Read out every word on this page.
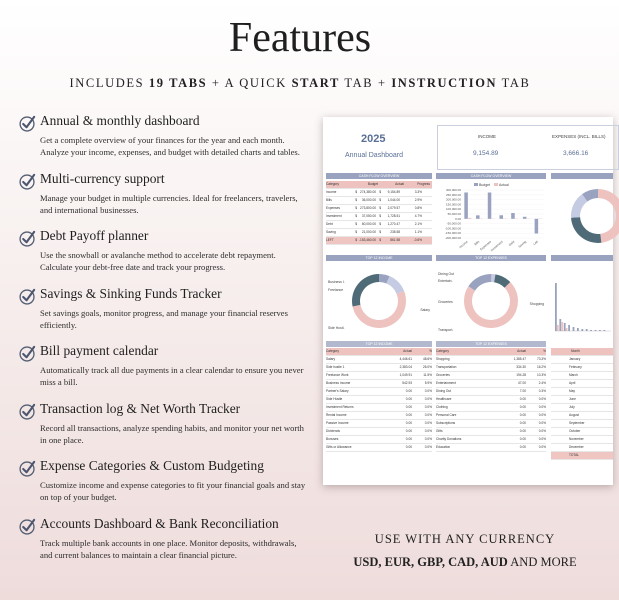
Features
INCLUDES 19 TABS + A QUICK START TAB + INSTRUCTION TAB
Annual & monthly dashboard
Get a complete overview of your finances for the year and each month. Analyze your income, expenses, and budget with detailed charts and tables.
Multi-currency support
Manage your budget in multiple currencies. Ideal for freelancers, travelers, and international businesses.
Debt Payoff planner
Use the snowball or avalanche method to accelerate debt repayment. Calculate your debt-free date and track your progress.
Savings & Sinking Funds Tracker
Set savings goals, monitor progress, and manage your financial reserves efficiently.
Bill payment calendar
Automatically track all due payments in a clear calendar to ensure you never miss a bill.
Transaction log & Net Worth Tracker
Record all transactions, analyze spending habits, and monitor your net worth in one place.
Expense Categories & Custom Budgeting
Customize income and expense categories to fit your financial goals and stay on top of your budget.
Accounts Dashboard & Bank Reconciliation
Track multiple bank accounts in one place. Monitor deposits, withdrawals, and current balances to maintain a clear financial picture.
2025
Annual Dashboard
INCOME
9,154.89
EXPENSES (INCL. BILLS)
3,666.16
CASH FLOW OVERVIEW	CASH FLOW OVERVIEW
Category	Budget	Actual	Progress
Income	$ 274,380.00 $ 9,154.89	3.3%
Bills	$ 36,000.00 $ 1,044.00	2.9%
Expenses	$ 273,800.00 $ 2,079.57	0.8%
Investment	$ 37,050.00 $ 1,728.51	4.7%
Debt	$ 60,000.00 $ 1,270.47	2.1%
Saving	$ 21,000.00 $	238.58	1.1%
LEFT	$ -153,460.00 $	861.58	-0.6%
Budget	Actual
300,000.00
250,000.00
200,000.00
150,000.00
100,000.00
50,000.00
0.00
-50,000.00
-100,000.00
-150,000.00
-200,000.00
Income Bills Expenses
Investment Debt Saving Left
TOP 12 INCOME	TOP 12 EXPENSES
Business I.
Freelance
Salary
Side Hustl.
Dining Out
Entertain.
Groceries	Shopping
Transport.
TOP 12 INCOME	TOP 12 EXPENSES
Category	Actual	%
Salary	4,446.61	48.6%
Side hustle 1	2,383.04	26.0%
Freelance Work	1,049.91	11.5%
Business Income	542.93	5.9%
Partner's Salary	0.00	0.0%
Side Hustle	0.00	0.0%
Investment Returns	0.00	0.0%
Rental Income	0.00	0.0%
Passive Income	0.00	0.0%
Dividends	0.00	0.0%
Bonuses	0.00	0.0%
Gifts or Allowance	0.00	0.0%
Category	Actual	%
Shopping	1,385.47	73.3%
Transportation	334.30	16.2%
Groceries	194.28	10.3%
Entertainment	47.00	2.4%
Dining Out	7.00	0.3%
Healthcare	0.00	0.0%
Clothing	0.00	0.0%
Personal Care	0.00	0.0%
Subscriptions	0.00	0.0%
Gifts	0.00	0.0%
Charity Donations	0.00	0.0%
Education	0.00	0.0%
Month
January
February
March
April
May
June
July
August
September
October
November
December
TOTAL
USE WITH ANY CURRENCY
USD, EUR, GBP, CAD, AUD AND MORE
